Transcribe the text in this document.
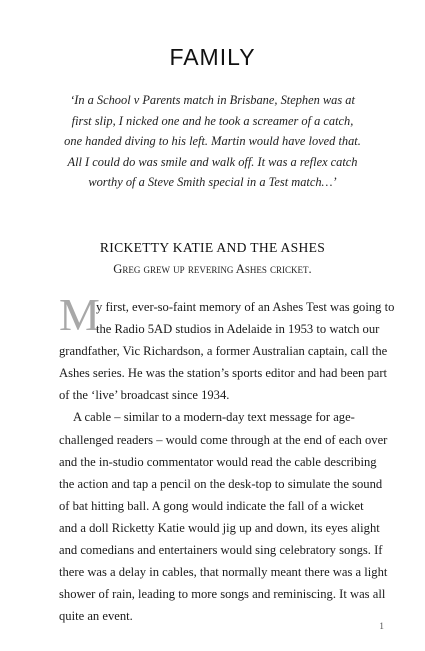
FAMILY
‘In a School v Parents match in Brisbane, Stephen was at
first slip, I nicked one and he took a screamer of a catch,
one handed diving to his left. Martin would have loved that.
All I could do was smile and walk off. It was a reflex catch
worthy of a Steve Smith special in a Test match…’
RICKETTY KATIE AND THE ASHES

Greg grew up revering Ashes cricket.

M
y first, ever-so-faint memory of an Ashes Test was going to
the Radio 5AD studios in Adelaide in 1953 to watch our
grandfather, Vic Richardson, a former Australian captain, call the
Ashes series. He was the station’s sports editor and had been part
of the ‘live’ broadcast since 1934.
A cable – similar to a modern-day text message for age-
challenged readers – would come through at the end of each over
and the in-studio commentator would read the cable describing
the action and tap a pencil on the desk-top to simulate the sound
of bat hitting ball. A gong would indicate the fall of a wicket
and a doll Ricketty Katie would jig up and down, its eyes alight
and comedians and entertainers would sing celebratory songs. If
there was a delay in cables, that normally meant there was a light
shower of rain, leading to more songs and reminiscing. It was all
quite an event.
1
